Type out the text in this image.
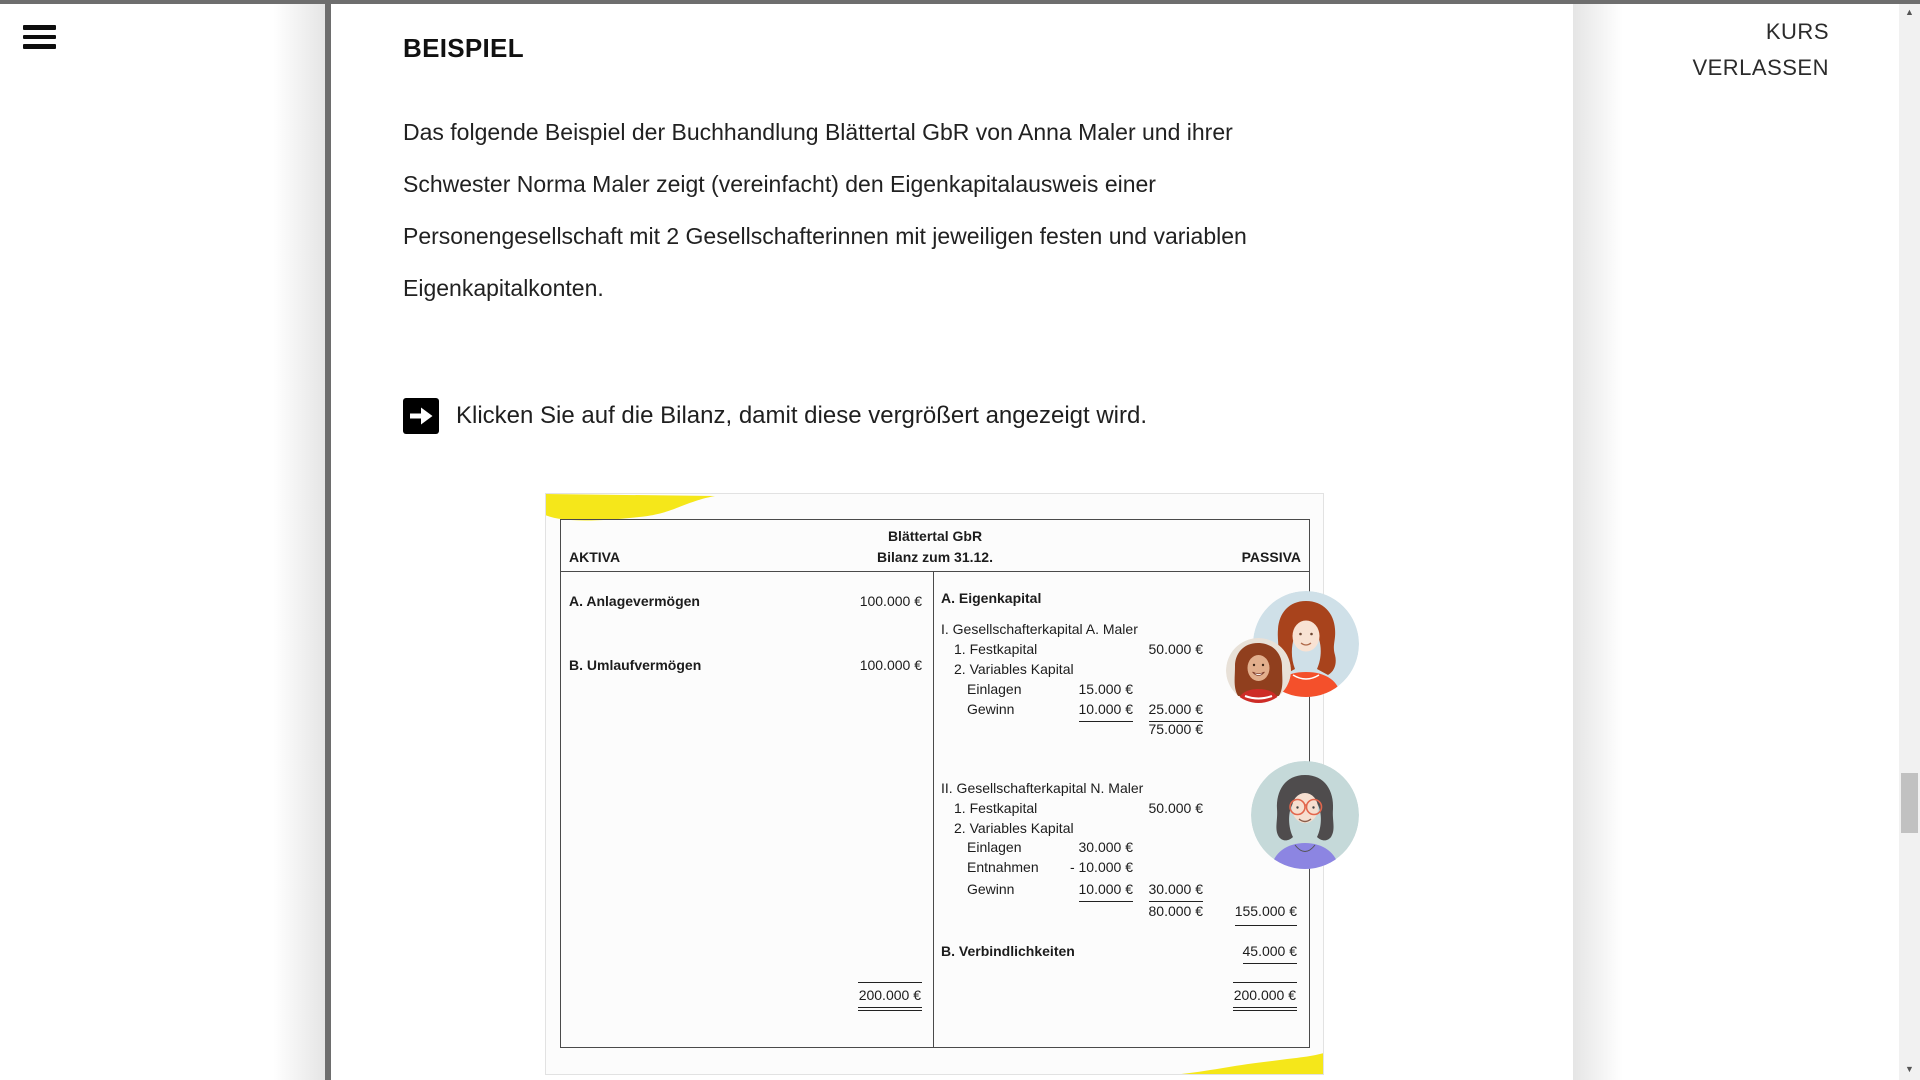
BEISPIEL
Das folgende Beispiel der Buchhandlung Blättertal GbR von Anna Maler und ihrer
Schwester Norma Maler zeigt (vereinfacht) den Eigenkapitalausweis einer
Personengesellschaft mit 2 Gesellschafterinnen mit jeweiligen festen und variablen
Eigenkapitalkonten.
Klicken Sie auf die Bilanz, damit diese vergrößert angezeigt wird.
Blättertal GbR
Bilanz zum 31.12.
AKTIVA	PASSIVA
A. Anlagevermögen	100.000 €
B. Umlaufvermögen	100.000 €
200.000 €
A. Eigenkapital
I. Gesellschafterkapital A. Maler
1. Festkapital	50.000 €
2. Variables Kapital
Einlagen	15.000 €
Gewinn	10.000 € 25.000 €
75.000 €
II. Gesellschafterkapital N. Maler
1. Festkapital	50.000 €
2. Variables Kapital
Einlagen	30.000 €
Entnahmen - 10.000 €
Gewinn	10.000 € 30.000 €
80.000 € 155.000 €
B. Verbindlichkeiten	45.000 €
200.000 €
KURS
VERLASSEN
▲
▼
